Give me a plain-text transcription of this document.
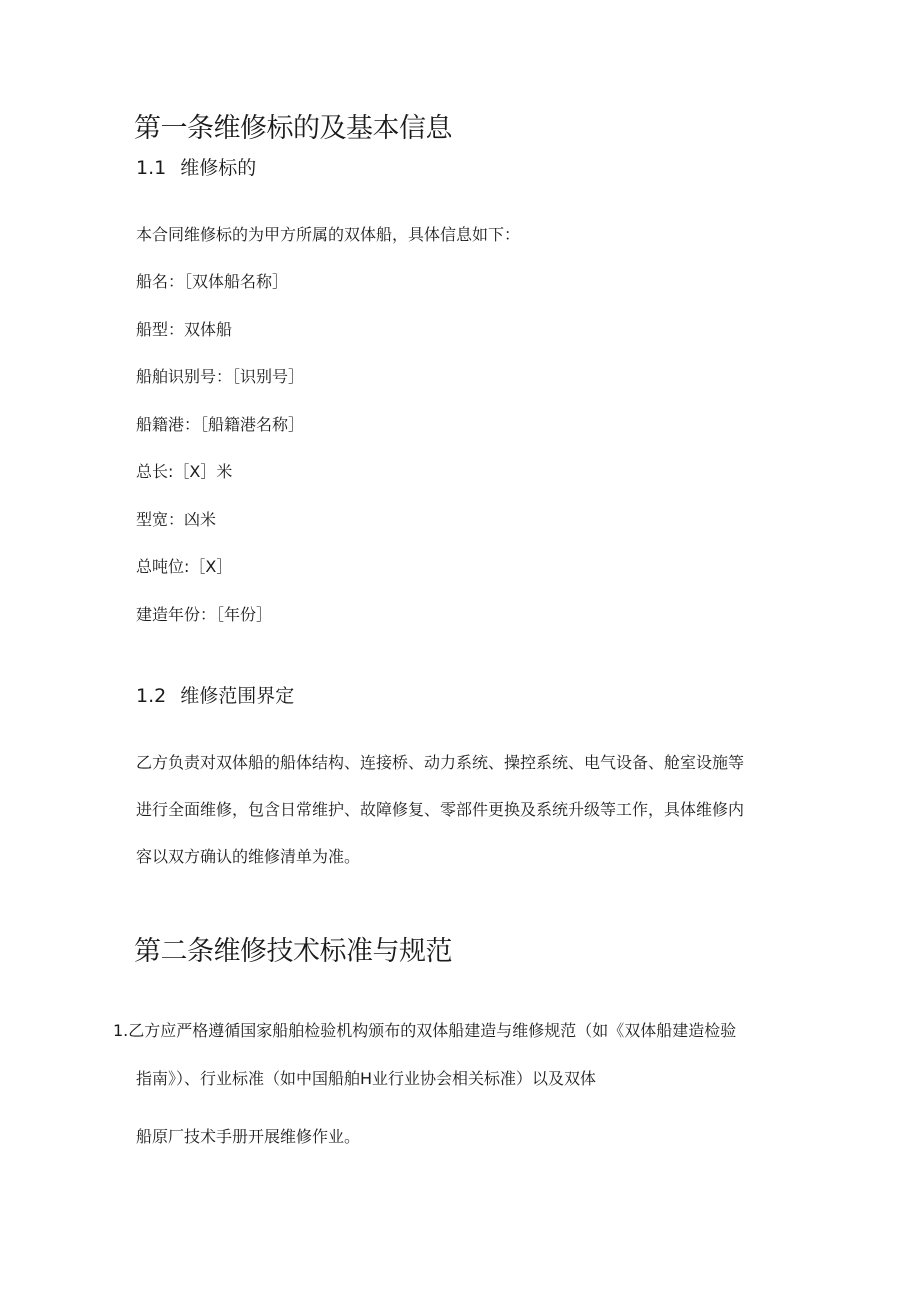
第一条维修标的及基本信息
1.1 维修标的
本合同维修标的为甲方所属的双体船，具体信息如下：
船名：［双体船名称］
船型：双体船
船舶识别号：［识别号］
船籍港：［船籍港名称］
总长:［X］米
型宽：凶米
总吨位:［X］
建造年份：［年份］
1.2 维修范围界定
乙方负责对双体船的船体结构、连接桥、动力系统、操控系统、电气设备、舱室设施等
进行全面维修，包含日常维护、故障修复、零部件更换及系统升级等工作，具体维修内
容以双方确认的维修清单为准。
第二条维修技术标准与规范
1.乙方应严格遵循国家船舶检验机构颁布的双体船建造与维修规范（如《双体船建造检验
指南》）、行业标准（如中国船舶H业行业协会相关标准）以及双体
船原厂技术手册开展维修作业。
